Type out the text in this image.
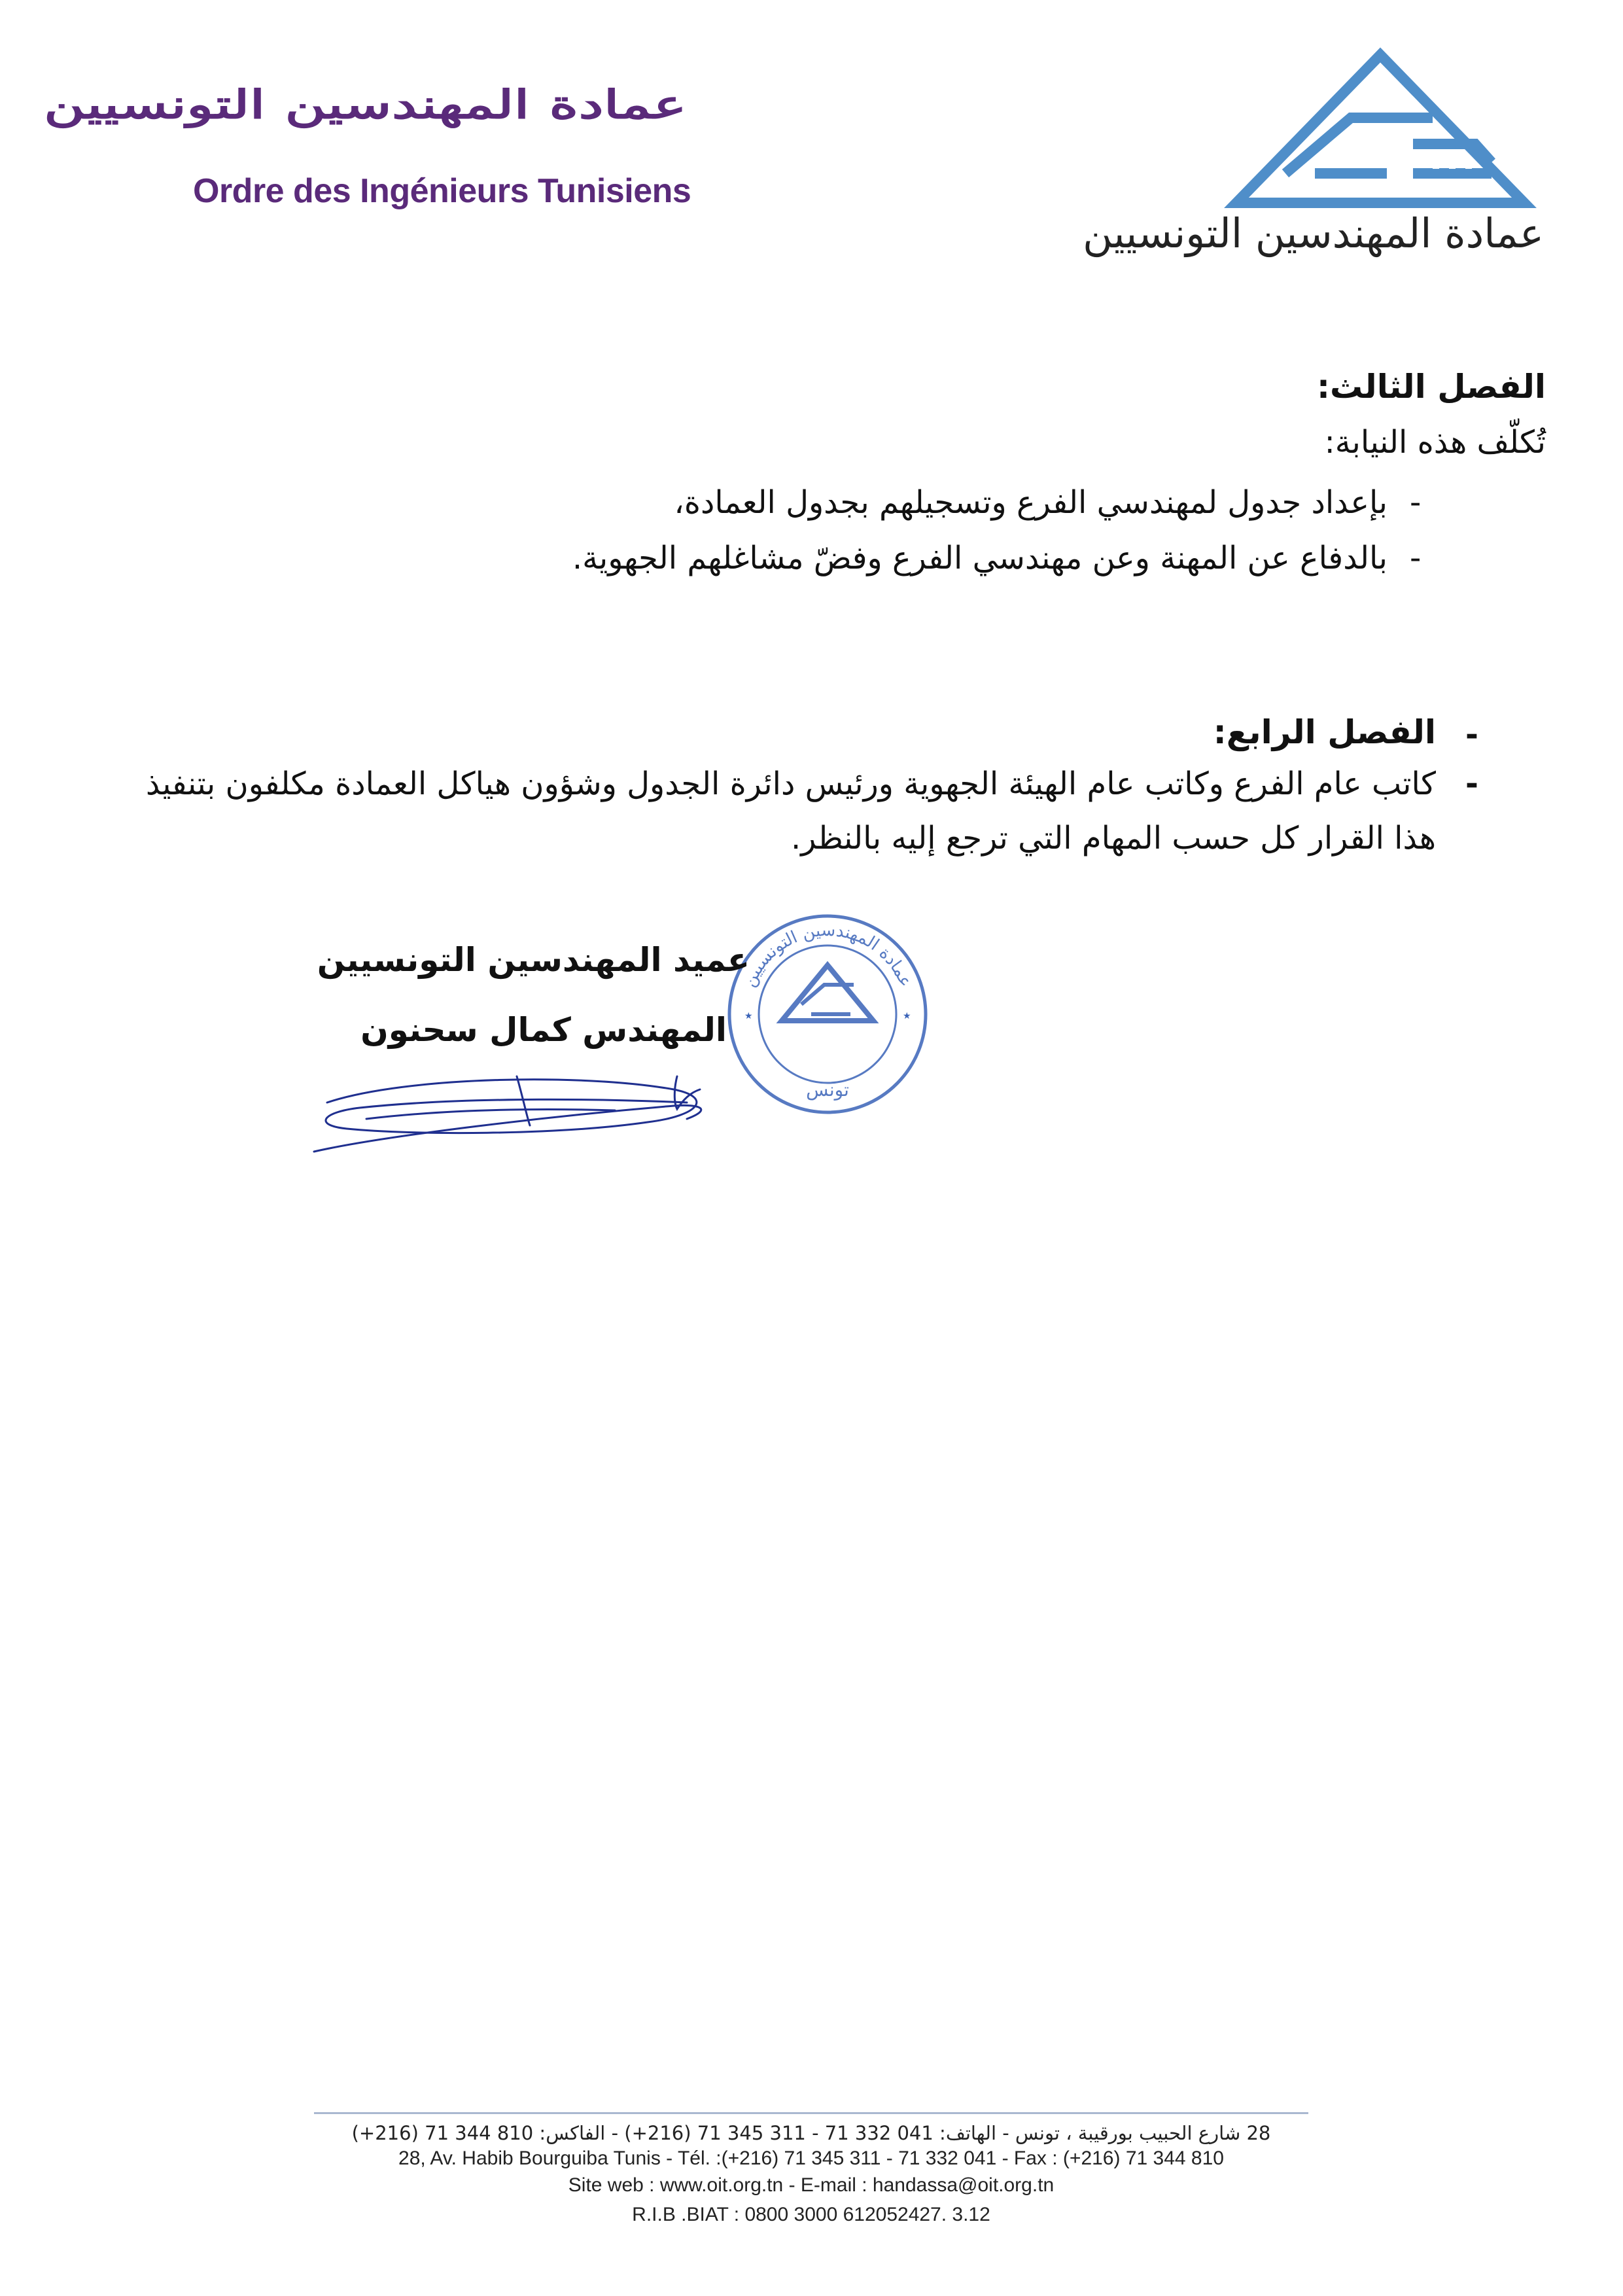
عمادة المهندسين التونسيين
Ordre des Ingénieurs Tunisiens
عمادة المهندسين التونسيين
الفصل الثالث:
تُكلّف هذه النيابة:
-
بإعداد جدول لمهندسي الفرع وتسجيلهم بجدول العمادة،
-
بالدفاع عن المهنة وعن مهندسي الفرع وفضّ مشاغلهم الجهوية.
-
الفصل الرابع:
-
كاتب عام الفرع وكاتب عام الهيئة الجهوية ورئيس دائرة الجدول وشؤون هياكل العمادة مكلفون بتنفيذ
هذا القرار كل حسب المهام التي ترجع إليه بالنظر.
عمادة المهندسين التونسيين
تونس
★	★
عميد المهندسين التونسيين
المهندس كمال سحنون
28 شارع الحبيب بورقيبة ، تونس - الهاتف: 041 332 71 - 311 345 71 (216+) - الفاكس: 810 344 71 (216+)
28, Av. Habib Bourguiba Tunis - Tél. :(+216) 71 345 311 - 71 332 041 - Fax : (+216) 71 344 810
Site web : www.oit.org.tn - E-mail : handassa@oit.org.tn
R.I.B .BIAT : 0800 3000 612052427. 3.12
